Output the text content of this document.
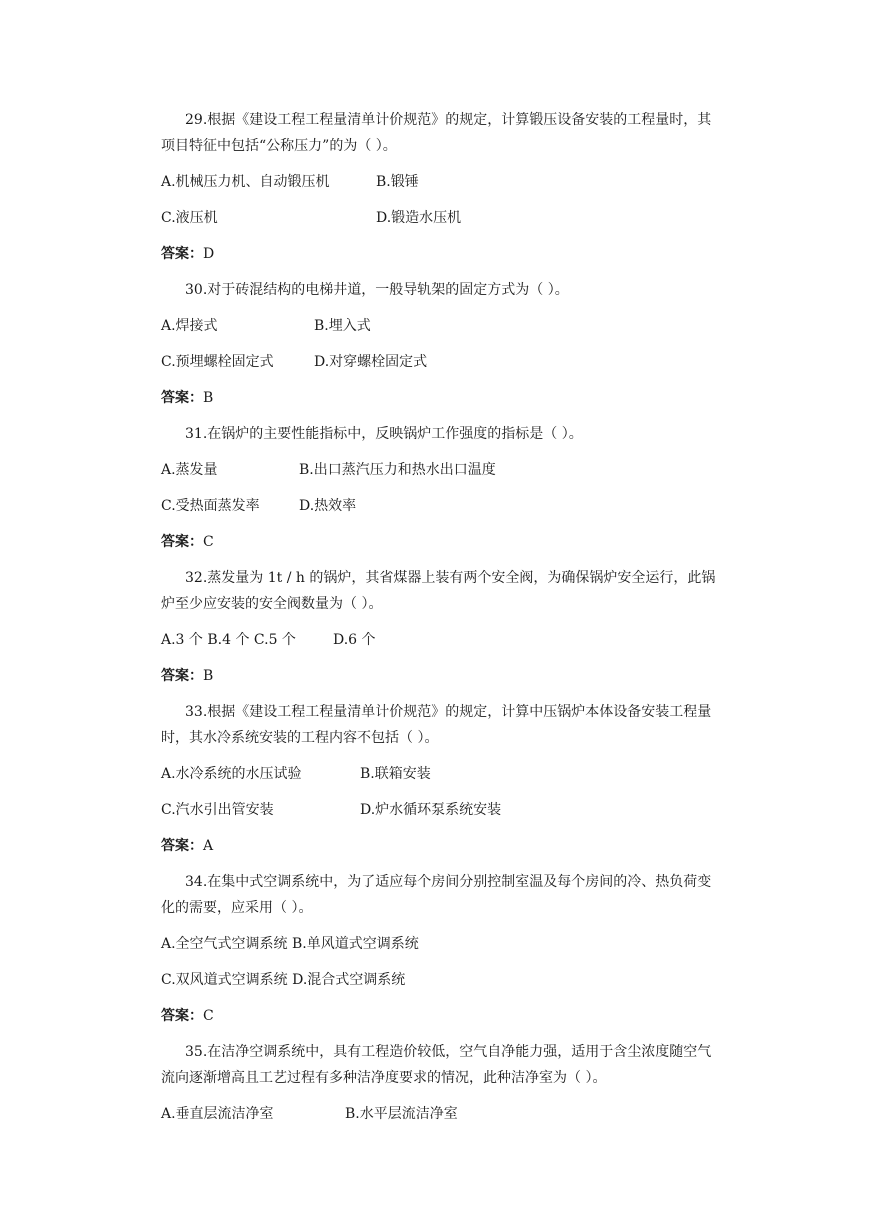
29.根据《建设工程工程量清单计价规范》的规定，计算锻压设备安装的工程量时，其
项目特征中包括“公称压力”的为（ ）。
A.机械压力机、自动锻压机	B.锻锤
C.液压机	D.锻造水压机
答案：D
30.对于砖混结构的电梯井道，一般导轨架的固定方式为（ ）。
A.焊接式	B.埋入式
C.预埋螺栓固定式	D.对穿螺栓固定式
答案：B
31.在锅炉的主要性能指标中，反映锅炉工作强度的指标是（ ）。
A.蒸发量	B.出口蒸汽压力和热水出口温度
C.受热面蒸发率	D.热效率
答案：C
32.蒸发量为 1t / h 的锅炉，其省煤器上装有两个安全阀，为确保锅炉安全运行，此锅
炉至少应安装的安全阀数量为（ ）。
A.3 个 B.4 个 C.5 个	D.6 个
答案：B
33.根据《建设工程工程量清单计价规范》的规定，计算中压锅炉本体设备安装工程量
时，其水冷系统安装的工程内容不包括（ ）。
A.水冷系统的水压试验	B.联箱安装
C.汽水引出管安装	D.炉水循环泵系统安装
答案：A
34.在集中式空调系统中，为了适应每个房间分别控制室温及每个房间的冷、热负荷变
化的需要，应采用（ ）。
A.全空气式空调系统 B.单风道式空调系统
C.双风道式空调系统 D.混合式空调系统
答案：C
35.在洁净空调系统中，具有工程造价较低，空气自净能力强，适用于含尘浓度随空气
流向逐渐增高且工艺过程有多种洁净度要求的情况，此种洁净室为（ ）。
A.垂直层流洁净室	B.水平层流洁净室
